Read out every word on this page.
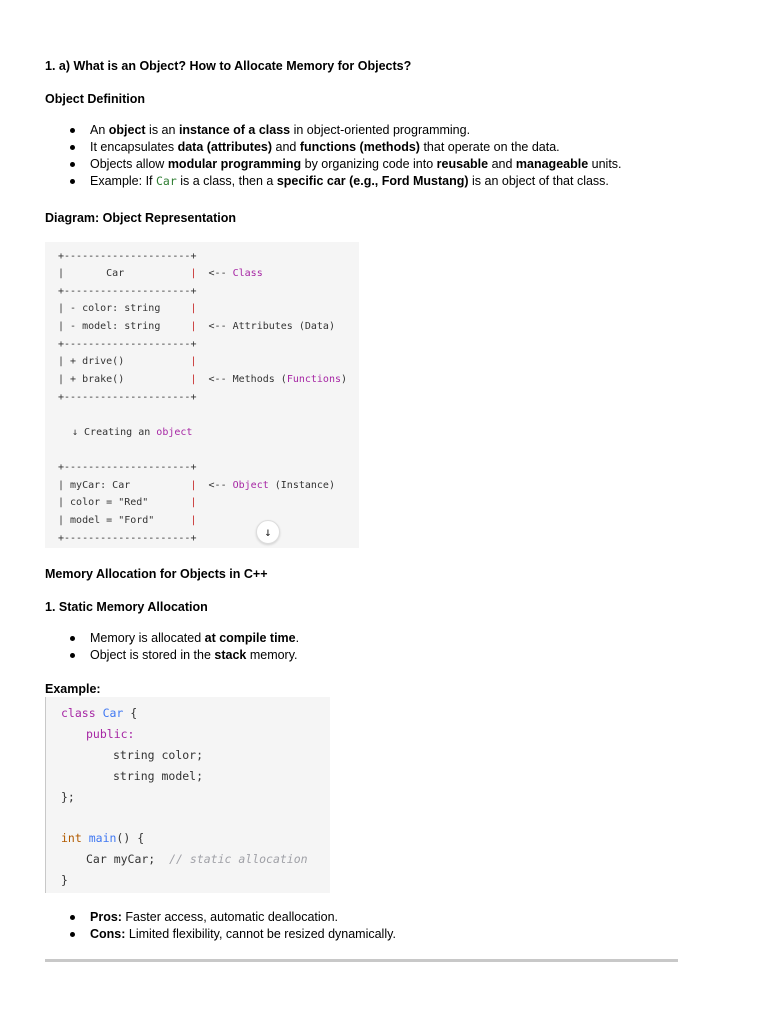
1. a) What is an Object? How to Allocate Memory for Objects?
Object Definition
An object is an instance of a class in object-oriented programming.
It encapsulates data (attributes) and functions (methods) that operate on the data.
Objects allow modular programming by organizing code into reusable and manageable units.
Example: If Car is a class, then a specific car (e.g., Ford Mustang) is an object of that class.
Diagram: Object Representation
+---------------------+
|       Car           | <-- Class
+---------------------+
| - color: string     |
| - model: string     | <-- Attributes (Data)
+---------------------+
| + drive()           |
| + brake()           | <-- Methods (Functions)
+---------------------+
↓ Creating an object
+---------------------+
| myCar: Car          | <-- Object (Instance)
| color = "Red"       |
| model = "Ford"      |
+---------------------+	↓
Memory Allocation for Objects in C++
1. Static Memory Allocation
Memory is allocated at compile time.
Object is stored in the stack memory.
Example:
class Car {
public:
string color;
string model;
};
int main() {
Car myCar; // static allocation
}
Pros: Faster access, automatic deallocation.
Cons: Limited flexibility, cannot be resized dynamically.
